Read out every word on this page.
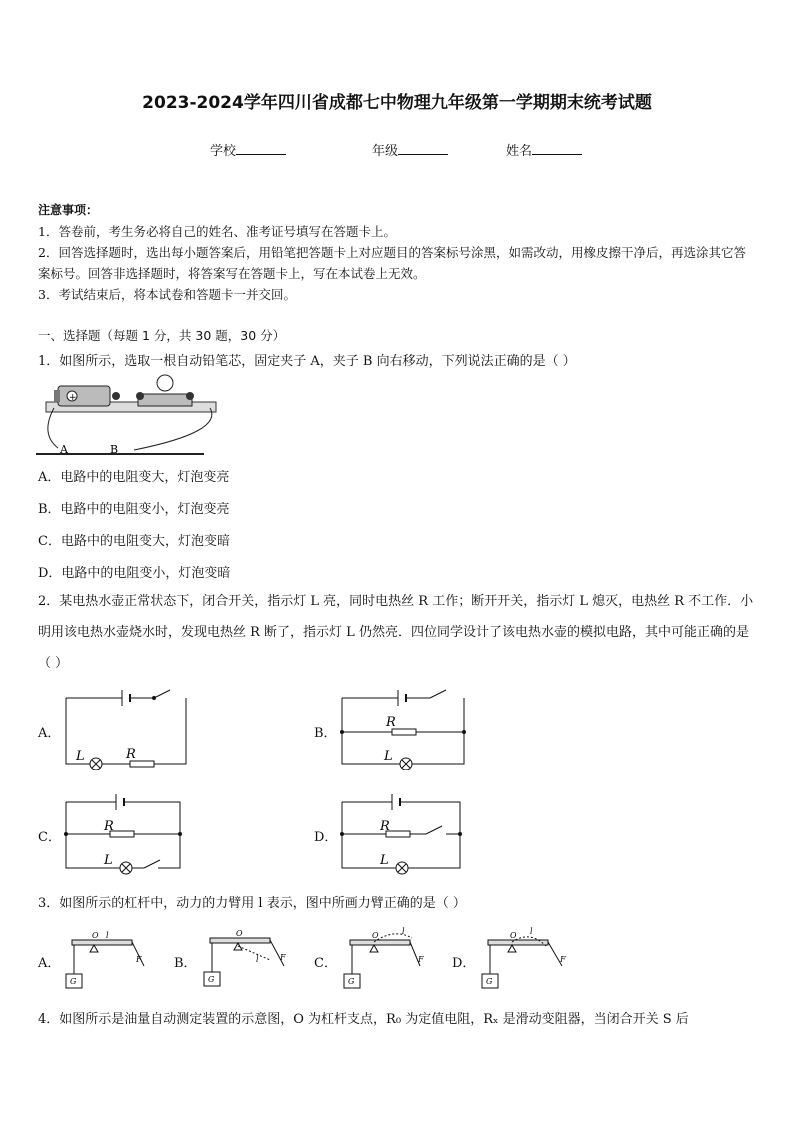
2023-2024学年四川省成都七中物理九年级第一学期期末统考试题
学校	年级	姓名
注意事项：
1．答卷前，考生务必将自己的姓名、准考证号填写在答题卡上。
2．回答选择题时，选出每小题答案后，用铅笔把答题卡上对应题目的答案标号涂黑，如需改动，用橡皮擦干净后，再选涂其它答案标号。回答非选择题时，将答案写在答题卡上，写在本试卷上无效。
3．考试结束后，将本试卷和答题卡一并交回。
一、选择题（每题 1 分，共 30 题，30 分）
1．如图所示，选取一根自动铅笔芯，固定夹子 A，夹子 B 向右移动，下列说法正确的是（ ）
+
A	B
A．电路中的电阻变大，灯泡变亮
B．电路中的电阻变小，灯泡变亮
C．电路中的电阻变大，灯泡变暗
D．电路中的电阻变小，灯泡变暗
2．某电热水壶正常状态下，闭合开关，指示灯 L 亮，同时电热丝 R 工作；断开开关，指示灯 L 熄灭，电热丝 R 不工作．小明用该电热水壶烧水时，发现电热丝 R 断了，指示灯 L 仍然亮．四位同学设计了该电热水壶的模拟电路，其中可能正确的是（ ）
A．
L	R
B．
R
L
C．
R
L
D．
R
L
3．如图所示的杠杆中，动力的力臂用 l 表示，图中所画力臂正确的是（ ）
A．
O l
F
G
B．
O
l	F
G
C．
O	l
F
G
D．
O l
F
G
4．如图所示是油量自动测定装置的示意图，O 为杠杆支点，R₀ 为定值电阻，Rₓ 是滑动变阻器，当闭合开关 S 后
